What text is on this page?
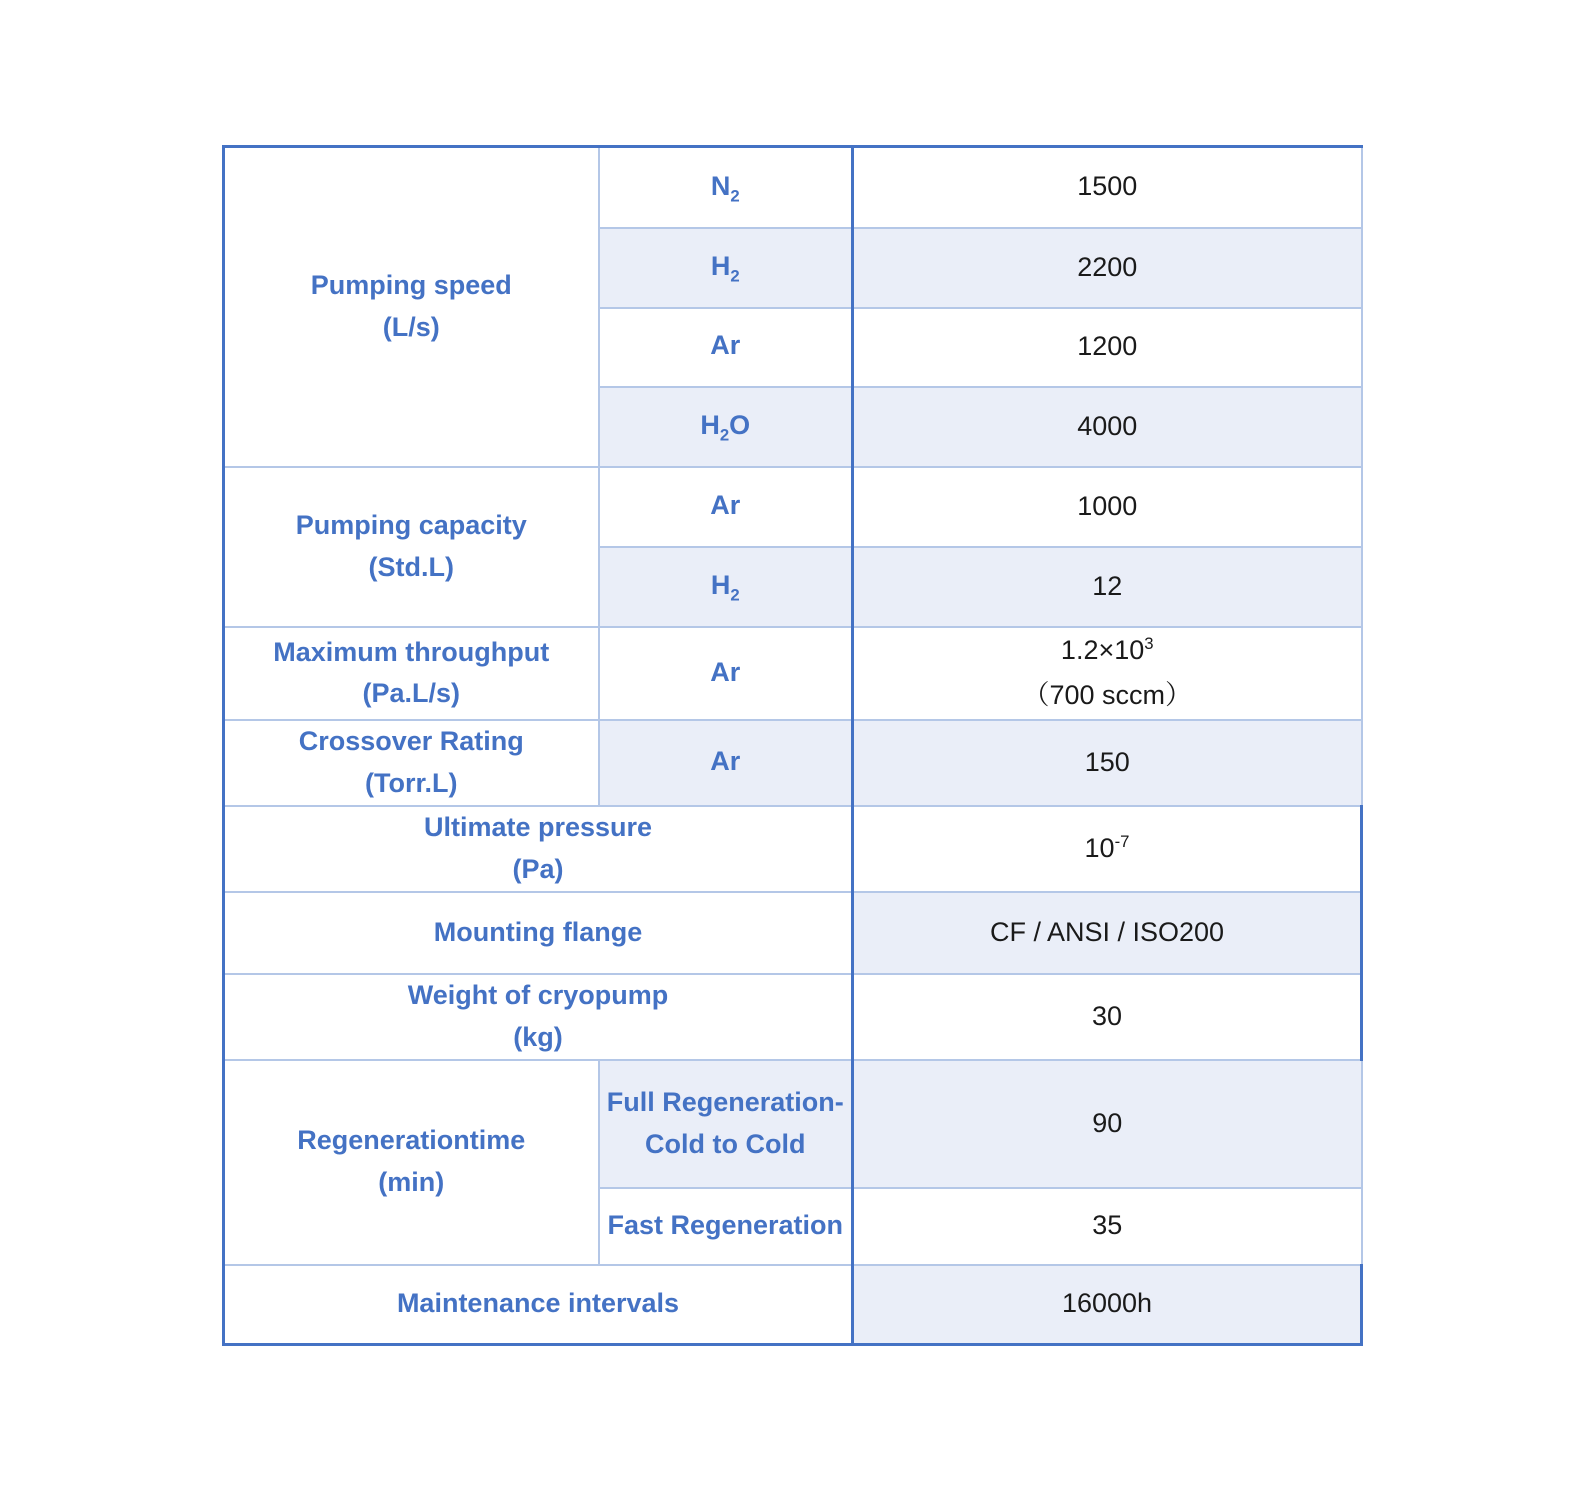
Pumping speed
(L/s)	$N_2$	1500
	$H_2$	2200
	Ar	1200
	$H_2O$	4000

Pumping capacity
(Std.L)	Ar	1000
	$H_2$	12

Maximum throughput
(Pa.L/s)	Ar	$1.2\times 10^3$
（700 sccm）

Crossover Rating
(Torr.L)	Ar	150

Ultimate pressure
(Pa)		$10^{-7}$

Mounting flange		CF / ANSI / ISO200

Weight of cryopump
(kg)		30

Regenerationtime
(min)	Full Regeneration-Cold to Cold	90
	Fast Regeneration	35

Maintenance intervals		16000h
